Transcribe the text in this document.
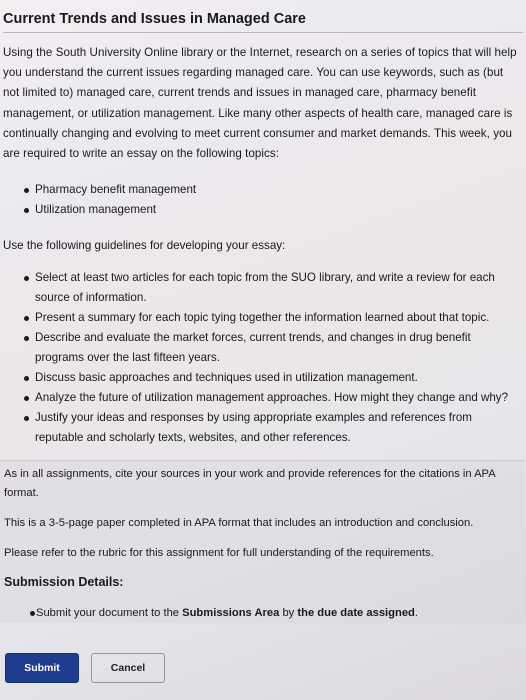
Current Trends and Issues in Managed Care
Using the South University Online library or the Internet, research on a series of topics that will help you understand the current issues regarding managed care. You can use keywords, such as (but not limited to) managed care, current trends and issues in managed care, pharmacy benefit management, or utilization management. Like many other aspects of health care, managed care is continually changing and evolving to meet current consumer and market demands. This week, you are required to write an essay on the following topics:
Pharmacy benefit management
Utilization management
Use the following guidelines for developing your essay:
Select at least two articles for each topic from the SUO library, and write a review for each source of information.
Present a summary for each topic tying together the information learned about that topic.
Describe and evaluate the market forces, current trends, and changes in drug benefit programs over the last fifteen years.
Discuss basic approaches and techniques used in utilization management.
Analyze the future of utilization management approaches. How might they change and why?
Justify your ideas and responses by using appropriate examples and references from reputable and scholarly texts, websites, and other references.
As in all assignments, cite your sources in your work and provide references for the citations in APA format.
This is a 3-5-page paper completed in APA format that includes an introduction and conclusion.
Please refer to the rubric for this assignment for full understanding of the requirements.
Submission Details:
Submit your document to the Submissions Area by the due date assigned.
Submit	Cancel
